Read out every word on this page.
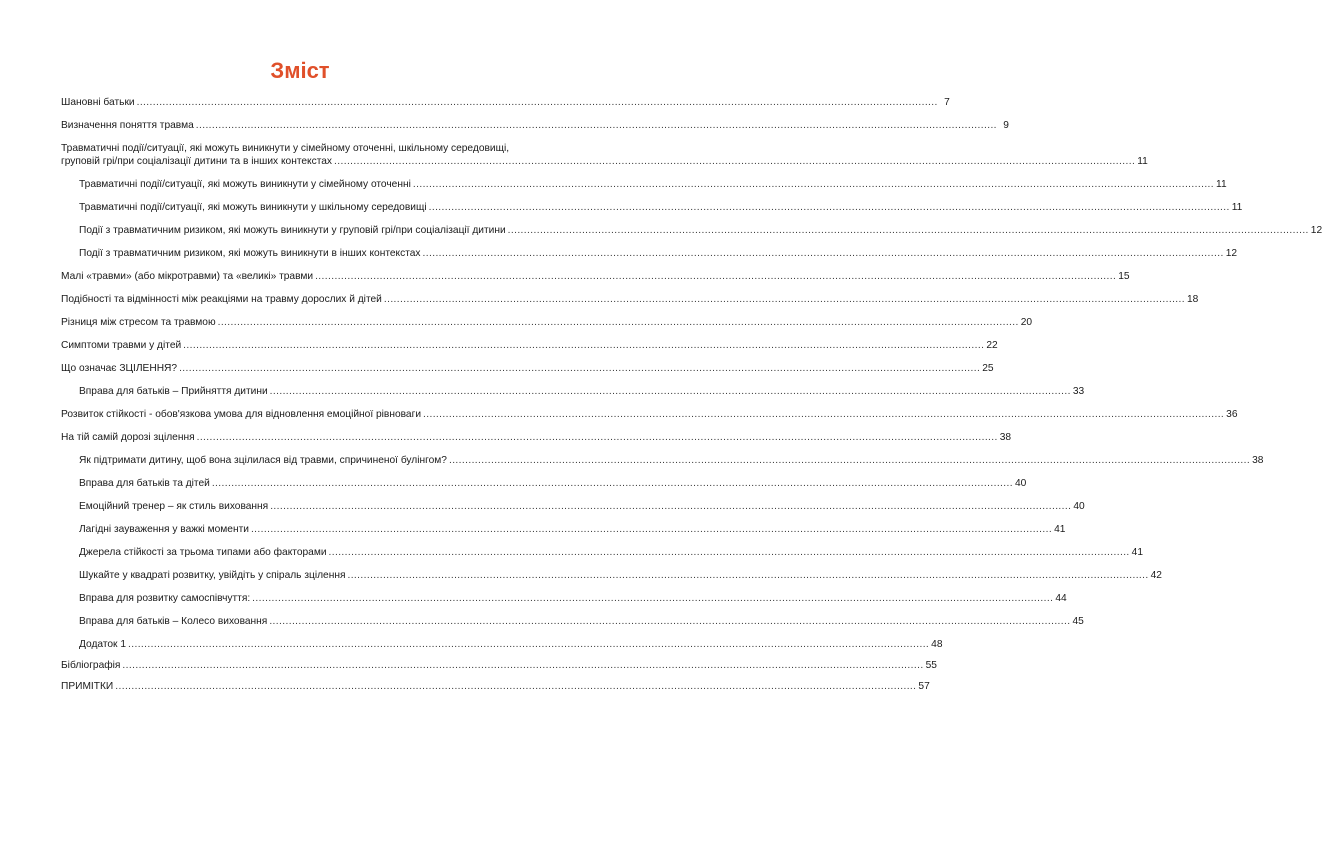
Зміст
Шановні батьки .....	7
Визначення поняття травма .....	9
Травматичні події/ситуації, які можуть виникнути у сімейному оточенні, шкільному середовищі,
груповій грі/при соціалізації дитини та в інших контекстах .....	11
Травматичні події/ситуації, які можуть виникнути у сімейному оточенні .....	11
Травматичні події/ситуації, які можуть виникнути у шкільному середовищі .....	11
Події з травматичним ризиком, які можуть виникнути у груповій грі/при соціалізації дитини .....	12
Події з травматичним ризиком, які можуть виникнути в інших контекстах .....	12
Малі «травми» (або мікротравми) та «великі» травми .....	15
Подібності та відмінності між реакціями на травму дорослих й дітей .....	18
Різниця між стресом та травмою .....	20
Симптоми травми у дітей .....	22
Що означає ЗЦІЛЕННЯ? .....	25
Вправа для батьків – Прийняття дитини .....	33
Розвиток стійкості - обов'язкова умова для відновлення емоційної рівноваги .....	36
На тій самій дорозі зцілення .....	38
Як підтримати дитину, щоб вона зцілилася від травми, спричиненої булінгом? .....	38
Вправа для батьків та дітей .....	40
Емоційний тренер – як стиль виховання .....	40
Лагідні зауваження у важкі моменти .....	41
Джерела стійкості за трьома типами або факторами .....	41
Шукайте у квадраті розвитку, увійдіть у спіраль зцілення .....	42
Вправа для розвитку самоспівчуття: .....	44
Вправа для батьків – Колесо виховання .....	45
Додаток 1 .....	48
Бібліографія .....	55
ПРИМІТКИ .....	57
